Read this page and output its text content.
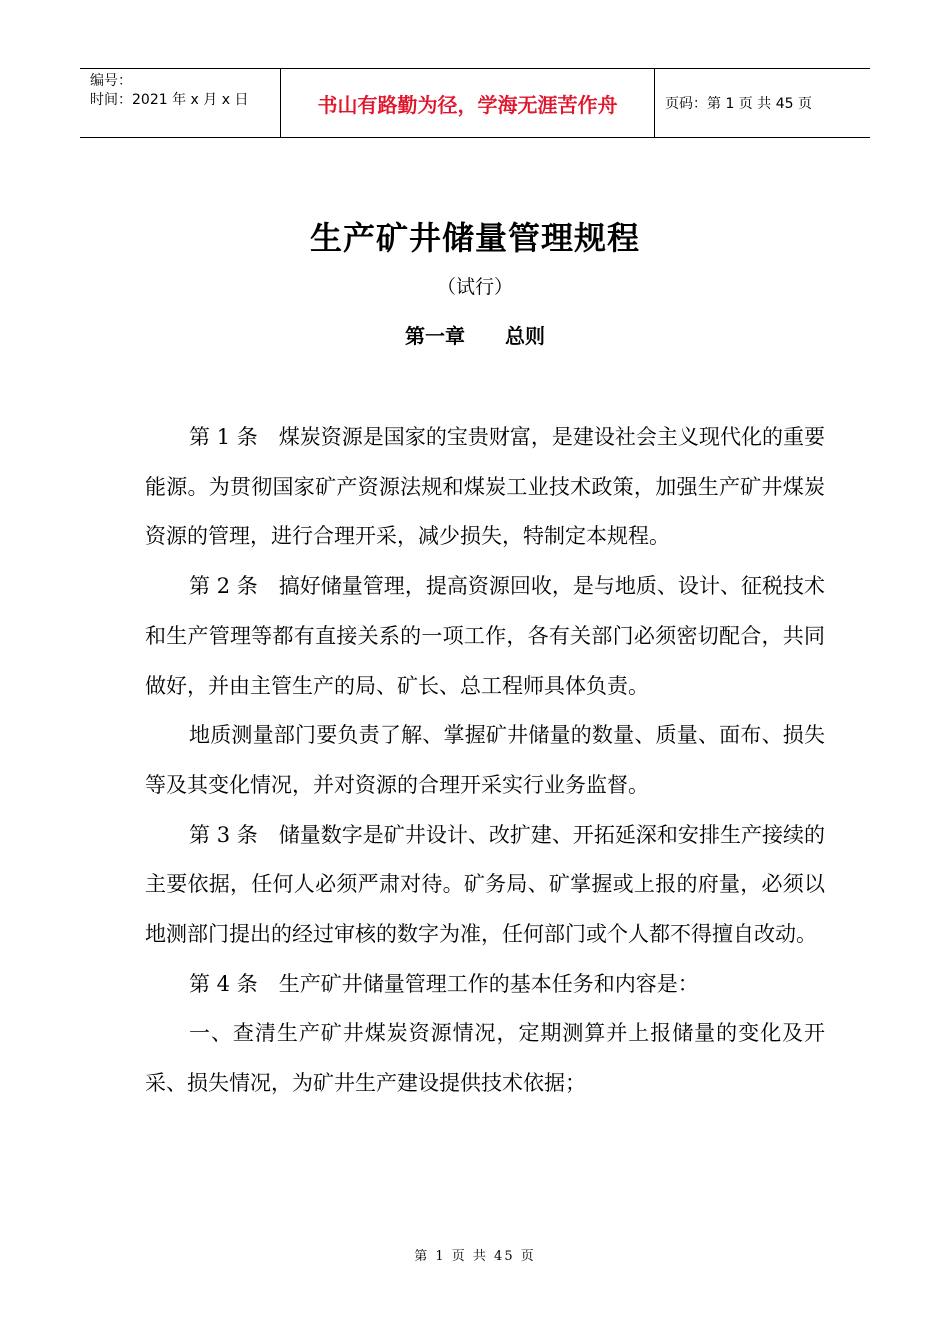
编号：
时间：2021 年 x 月 x 日	书山有路勤为径，学海无涯苦作舟	页码：第 1 页 共 45 页
生产矿井储量管理规程
（试行）
第一章 总则

第 1 条　煤炭资源是国家的宝贵财富，是建设社会主义现代化的重要能源。为贯彻国家矿产资源法规和煤炭工业技术政策，加强生产矿井煤炭资源的管理，进行合理开采，减少损失，特制定本规程。

第 2 条　搞好储量管理，提高资源回收，是与地质、设计、征税技术和生产管理等都有直接关系的一项工作，各有关部门必须密切配合，共同做好，并由主管生产的局、矿长、总工程师具体负责。

地质测量部门要负责了解、掌握矿井储量的数量、质量、面布、损失等及其变化情况，并对资源的合理开采实行业务监督。

第 3 条　储量数字是矿井设计、改扩建、开拓延深和安排生产接续的主要依据，任何人必须严肃对待。矿务局、矿掌握或上报的府量，必须以地测部门提出的经过审核的数字为准，任何部门或个人都不得擅自改动。

第 4 条　生产矿井储量管理工作的基本任务和内容是：

一、查清生产矿井煤炭资源情况，定期测算并上报储量的变化及开采、损失情况，为矿井生产建设提供技术依据；

第 1 页 共 45 页
